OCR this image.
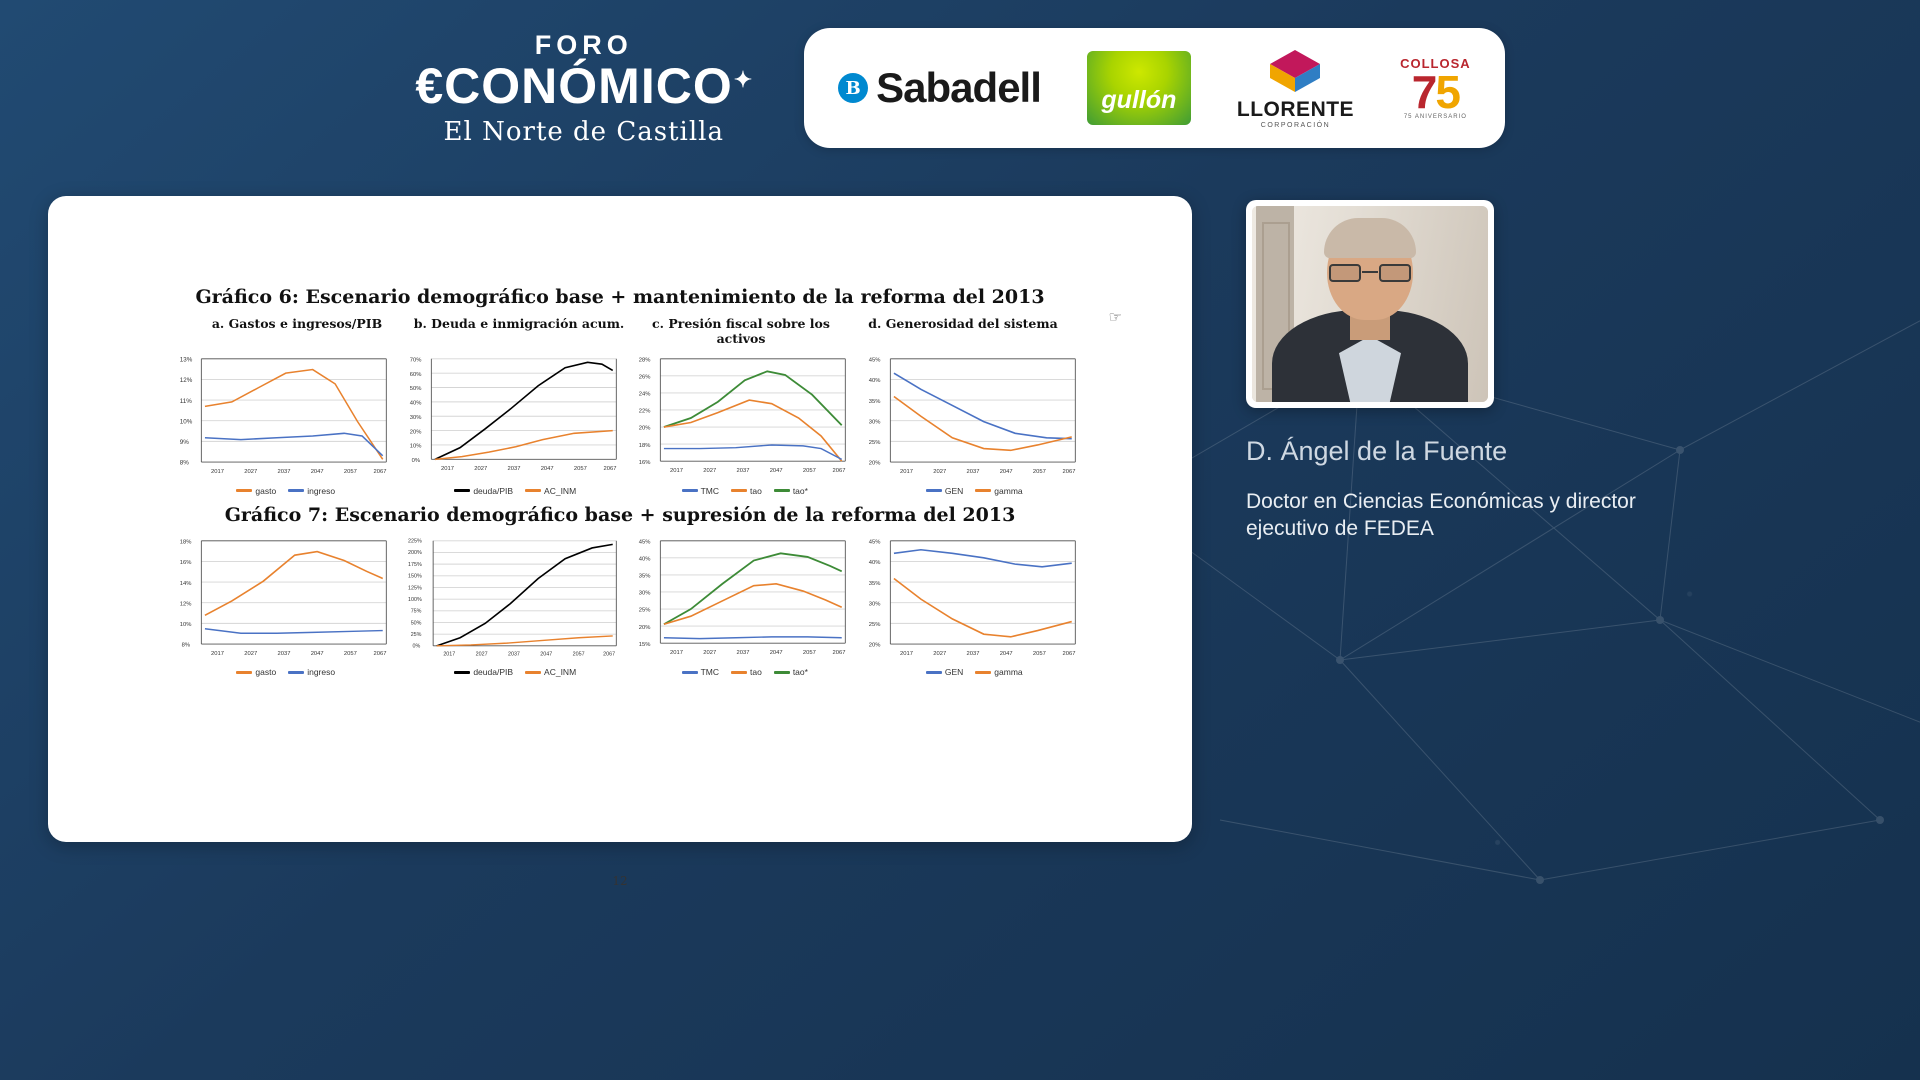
FORO
€CONÓMICO✦
El Norte de Castilla
B Sabadell gullón	LLORENTE
CORPORACIÓN
COLLOSA
75
75 ANIVERSARIO
☞
Gráfico 6: Escenario demográfico base + mantenimiento de la reforma del 2013
a. Gastos e ingresos/PIB	b. Deuda e inmigración acum.	c. Presión fiscal sobre los activos
d. Generosidad del sistema
13%
12%
11%
10%
9%
8%
2017	2027	2037	2047	2057	2067
gasto	ingreso
70%
60%
50%
40%
30%
20%
10%
0%
2017	2027	2037	2047	2057	2067
deuda/PIB	AC_INM
28%
26%
24%
22%
20%
18%
16%
2017	2027	2037	2047	2057	2067
TMC	tao	tao*
45%
40%
35%
30%
25%
20%
2017	2027	2037	2047	2057	2067
GEN	gamma
Gráfico 7: Escenario demográfico base + supresión de la reforma del 2013
18%
16%
14%
12%
10%
8%
2017	2027	2037	2047	2057	2067
gasto	ingreso
225%
200%
175%
150%
125%
100%
75%
50%
25%
0%
2017	2027	2037	2047	2057	2067
deuda/PIB	AC_INM
45%
40%
35%
30%
25%
20%
15%
2017	2027	2037	2047	2057	2067
TMC	tao	tao*
45%
40%
35%
30%
25%
20%
2017	2027	2037	2047	2057	2067
GEN	gamma
12
D. Ángel de la Fuente
Doctor en Ciencias Económicas y director ejecutivo de FEDEA
